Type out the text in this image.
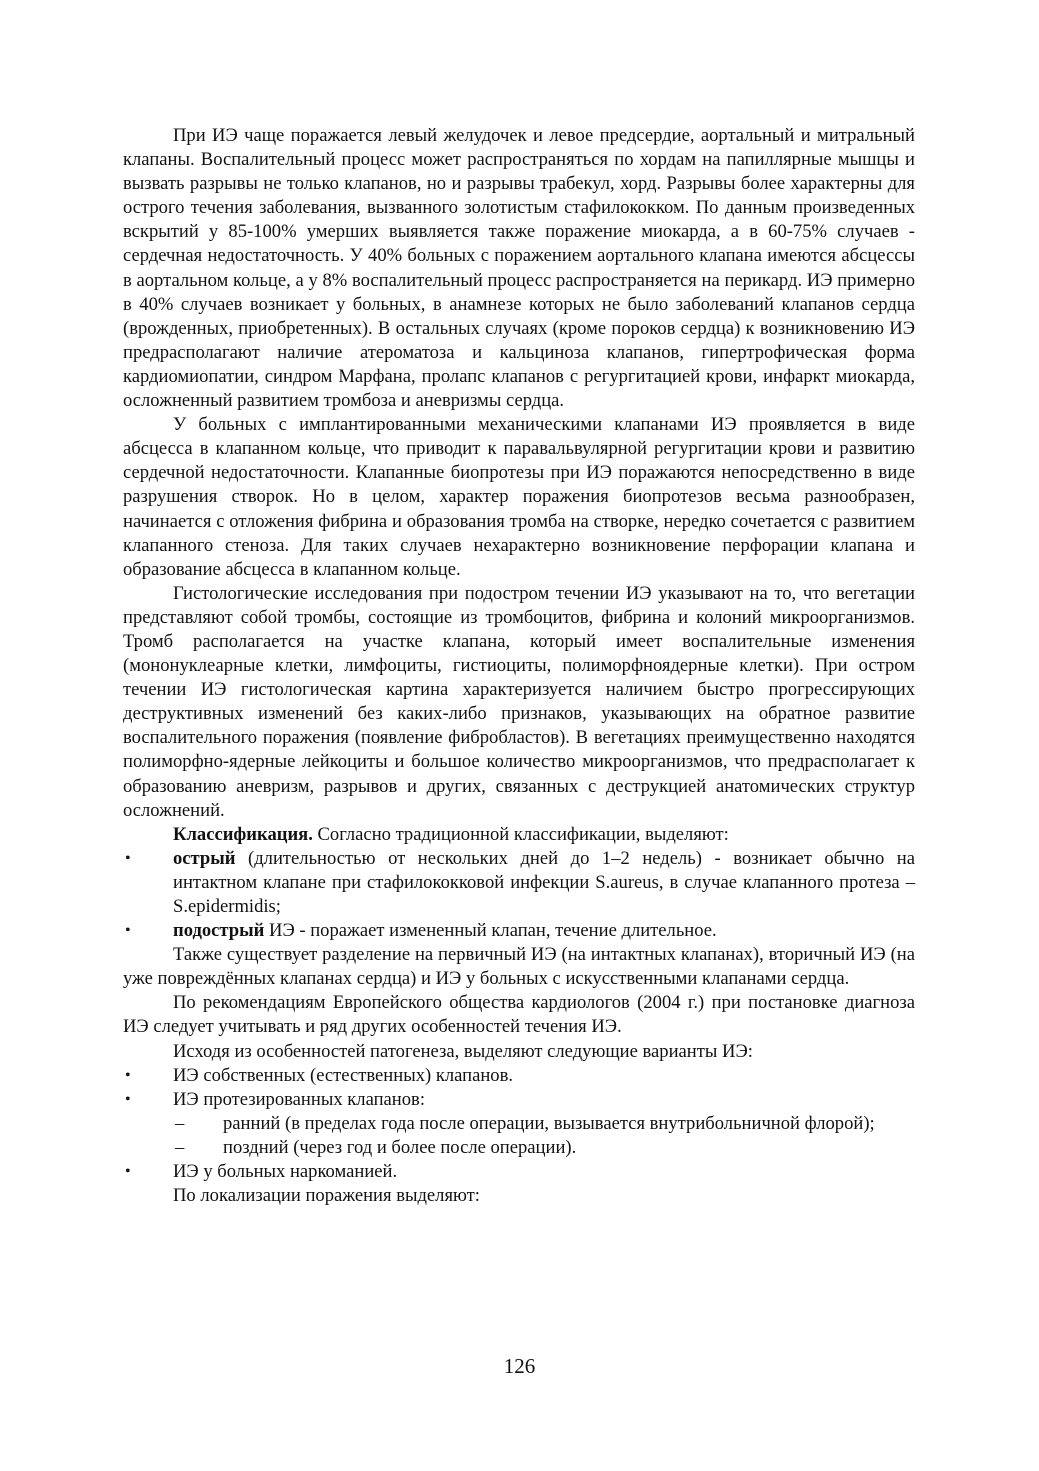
При ИЭ чаще поражается левый желудочек и левое предсердие, аортальный и митральный клапаны. Воспалительный процесс может распространяться по хордам на папиллярные мышцы и вызвать разрывы не только клапанов, но и разрывы трабекул, хорд. Разрывы более характерны для острого течения заболевания, вызванного золотистым стафилококком. По данным произведенных вскрытий у 85-100% умерших выявляется также поражение миокарда, а в 60-75% случаев - сердечная недостаточность. У 40% больных с поражением аортального клапана имеются абсцессы в аортальном кольце, а у 8% воспалительный процесс распространяется на перикард. ИЭ примерно в 40% случаев возникает у больных, в анамнезе которых не было заболеваний клапанов сердца (врожденных, приобретенных). В остальных случаях (кроме пороков сердца) к возникновению ИЭ предрасполагают наличие атероматоза и кальциноза клапанов, гипертрофическая форма кардиомиопатии, синдром Марфана, пролапс клапанов с регургитацией крови, инфаркт миокарда, осложненный развитием тромбоза и аневризмы сердца.

У больных с имплантированными механическими клапанами ИЭ проявляется в виде абсцесса в клапанном кольце, что приводит к паравальвулярной регургитации крови и развитию сердечной недостаточности. Клапанные биопротезы при ИЭ поражаются непосредственно в виде разрушения створок. Но в целом, характер поражения биопротезов весьма разнообразен, начинается с отложения фибрина и образования тромба на створке, нередко сочетается с развитием клапанного стеноза. Для таких случаев нехарактерно возникновение перфорации клапана и образование абсцесса в клапанном кольце.

Гистологические исследования при подостром течении ИЭ указывают на то, что вегетации представляют собой тромбы, состоящие из тромбоцитов, фибрина и колоний микроорганизмов. Тромб располагается на участке клапана, который имеет воспалительные изменения (мононуклеарные клетки, лимфоциты, гистиоциты, полиморфноядерные клетки). При остром течении ИЭ гистологическая картина характеризуется наличием быстро прогрессирующих деструктивных изменений без каких-либо признаков, указывающих на обратное развитие воспалительного поражения (появление фибробластов). В вегетациях преимущественно находятся полиморфно-ядерные лейкоциты и большое количество микроорганизмов, что предрасполагает к образованию аневризм, разрывов и других, связанных с деструкцией анатомических структур осложнений.

Классификация. Согласно традиционной классификации, выделяют:

• острый (длительностью от нескольких дней до 1–2 недель) - возникает обычно на интактном клапане при стафилококковой инфекции S.aureus, в случае клапанного протеза – S.epidermidis;
• подострый ИЭ - поражает измененный клапан, течение длительное.

Также существует разделение на первичный ИЭ (на интактных клапанах), вторичный ИЭ (на уже повреждённых клапанах сердца) и ИЭ у больных с искусственными клапанами сердца.

По рекомендациям Европейского общества кардиологов (2004 г.) при постановке диагноза ИЭ следует учитывать и ряд других особенностей течения ИЭ.

Исходя из особенностей патогенеза, выделяют следующие варианты ИЭ:

• ИЭ собственных (естественных) клапанов.
• ИЭ протезированных клапанов:
– ранний (в пределах года после операции, вызывается внутрибольничной флорой);
– поздний (через год и более после операции).
• ИЭ у больных наркоманией.

По локализации поражения выделяют:

126
